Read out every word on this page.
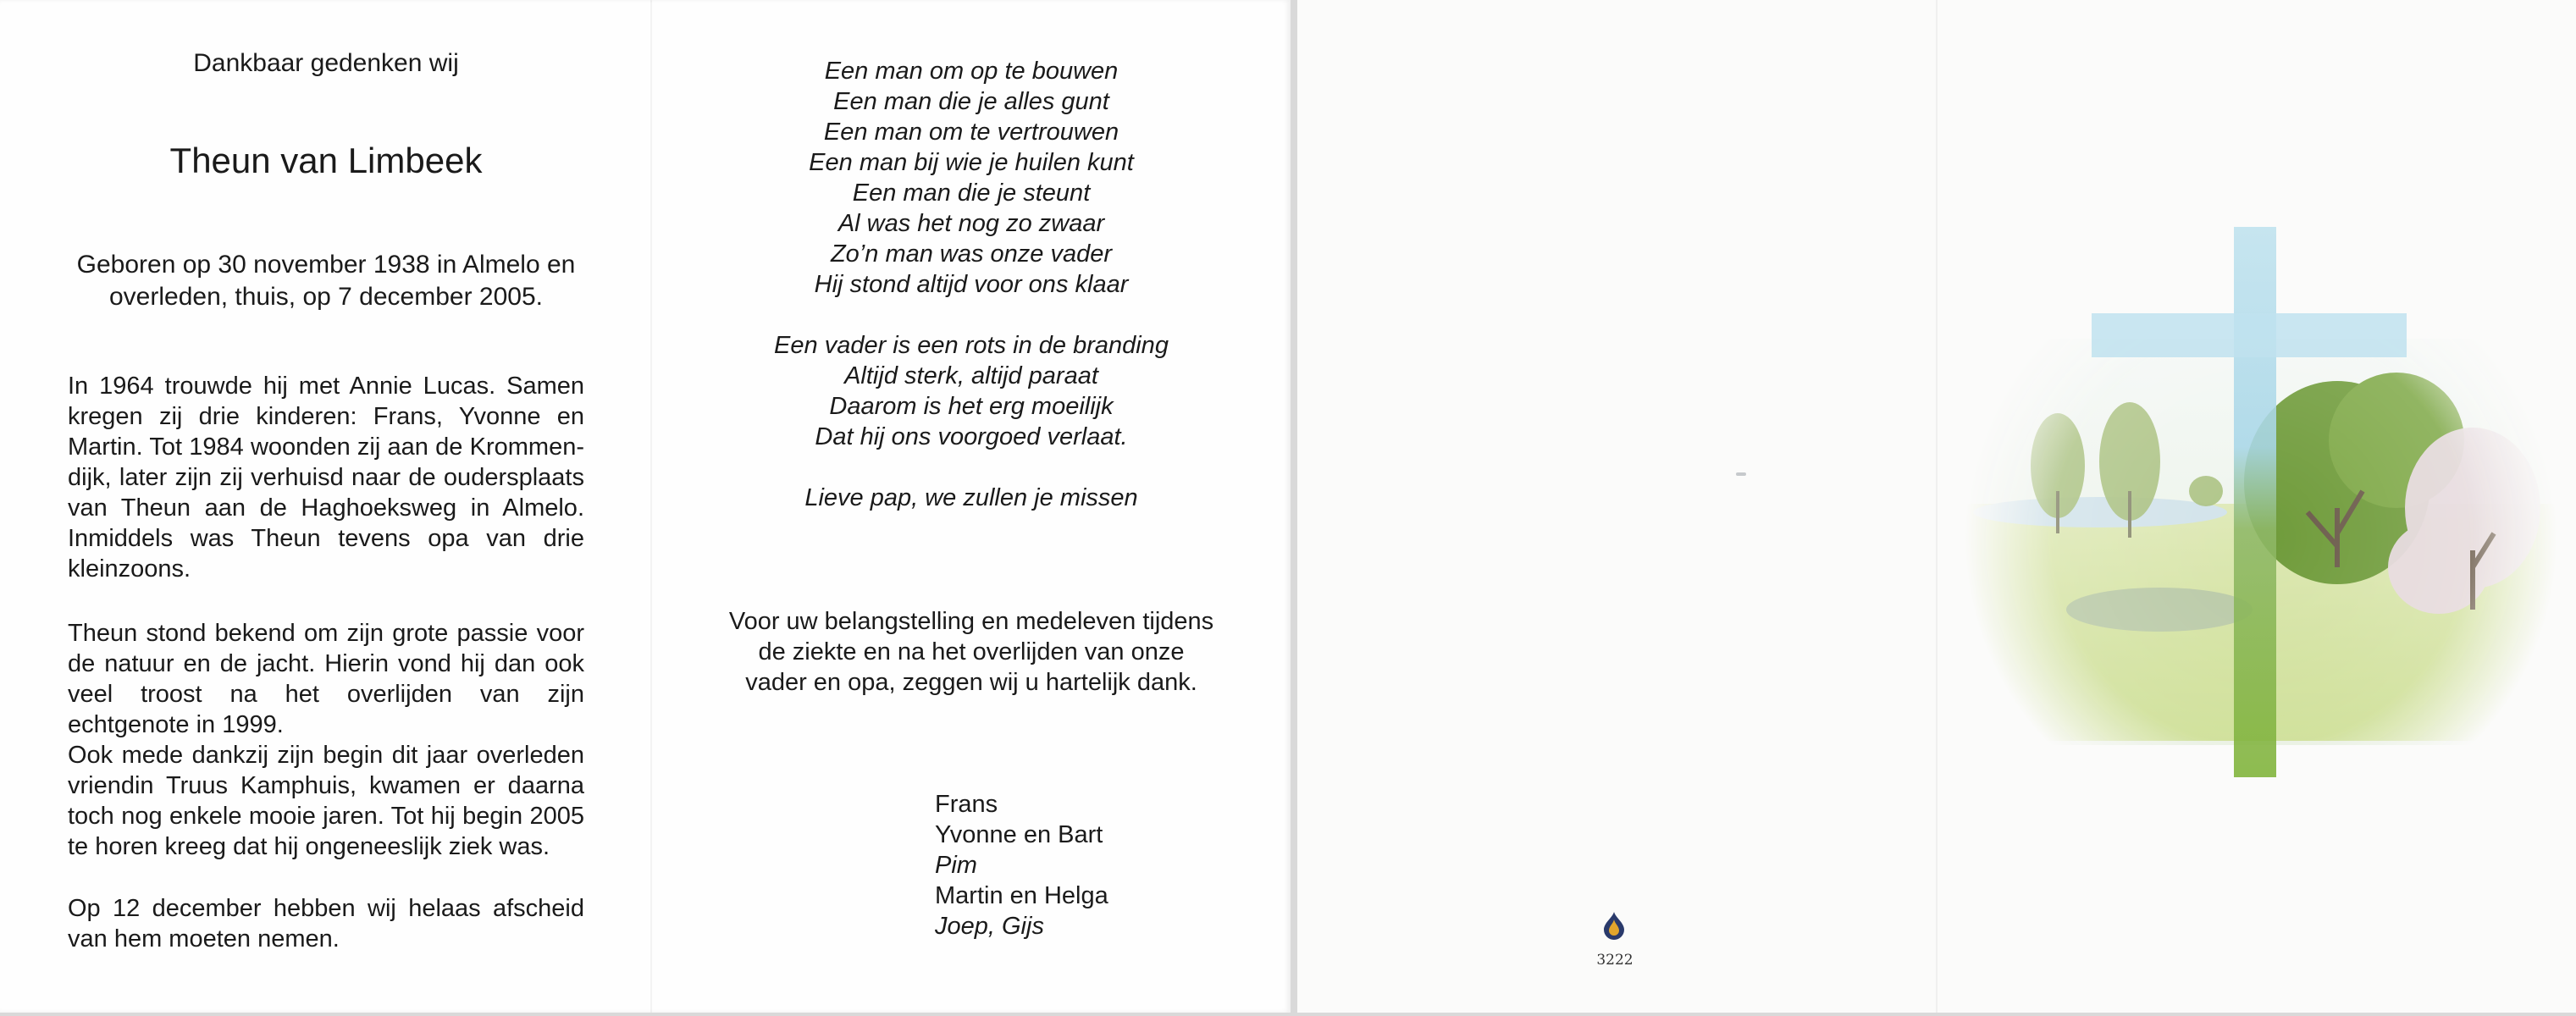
Dankbaar gedenken wij
Theun van Limbeek
Geboren op 30 november 1938 in Almelo en
overleden, thuis, op 7 december 2005.

In 1964 trouwde hij met Annie Lucas. Samen kregen zij drie kinderen: Frans, Yvonne en Martin. Tot 1984 woonden zij aan de Krommen-dijk, later zijn zij verhuisd naar de oudersplaats van Theun aan de Haghoeksweg in Almelo. Inmiddels was Theun tevens opa van drie kleinzoons.

Theun stond bekend om zijn grote passie voor de natuur en de jacht. Hierin vond hij dan ook veel troost na het overlijden van zijn echtgenote in 1999.

Ook mede dankzij zijn begin dit jaar overleden vriendin Truus Kamphuis, kwamen er daarna toch nog enkele mooie jaren. Tot hij begin 2005 te horen kreeg dat hij ongeneeslijk ziek was.

Op 12 december hebben wij helaas afscheid van hem moeten nemen.

Een man om op te bouwen
Een man die je alles gunt
Een man om te vertrouwen
Een man bij wie je huilen kunt
Een man die je steunt
Al was het nog zo zwaar
Zo’n man was onze vader
Hij stond altijd voor ons klaar
Een vader is een rots in de branding
Altijd sterk, altijd paraat
Daarom is het erg moeilijk
Dat hij ons voorgoed verlaat.
Lieve pap, we zullen je missen
Voor uw belangstelling en medeleven tijdens
de ziekte en na het overlijden van onze
vader en opa, zeggen wij u hartelijk dank.
Frans
Yvonne en Bart
Pim
Martin en Helga
Joep, Gijs
3222
